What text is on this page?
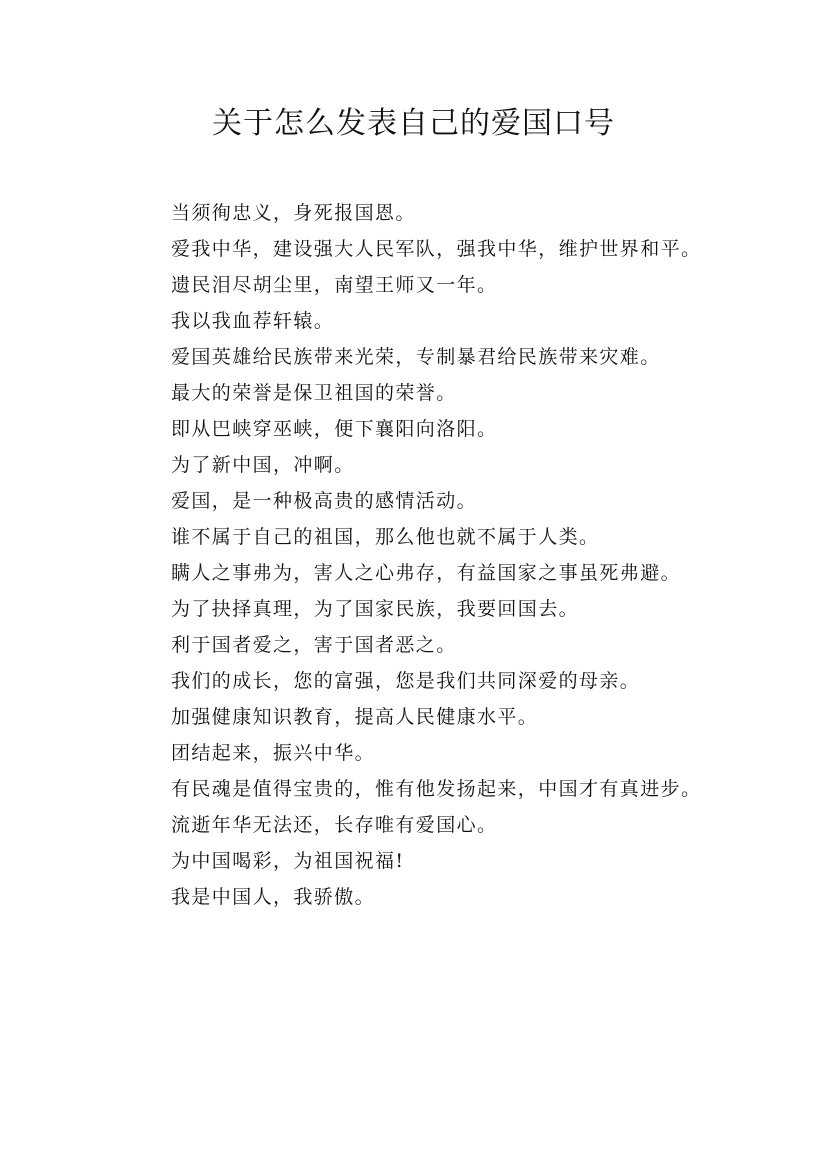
关于怎么发表自己的爱国口号

当须徇忠义，身死报国恩。

爱我中华，建设强大人民军队，强我中华，维护世界和平。

遗民泪尽胡尘里，南望王师又一年。

我以我血荐轩辕。

爱国英雄给民族带来光荣，专制暴君给民族带来灾难。

最大的荣誉是保卫祖国的荣誉。

即从巴峡穿巫峡，便下襄阳向洛阳。

为了新中国，冲啊。

爱国，是一种极高贵的感情活动。

谁不属于自己的祖国，那么他也就不属于人类。

瞒人之事弗为，害人之心弗存，有益国家之事虽死弗避。

为了抉择真理，为了国家民族，我要回国去。

利于国者爱之，害于国者恶之。

我们的成长，您的富强，您是我们共同深爱的母亲。

加强健康知识教育，提高人民健康水平。

团结起来，振兴中华。

有民魂是值得宝贵的，惟有他发扬起来，中国才有真进步。

流逝年华无法还，长存唯有爱国心。

为中国喝彩，为祖国祝福!

我是中国人，我骄傲。
